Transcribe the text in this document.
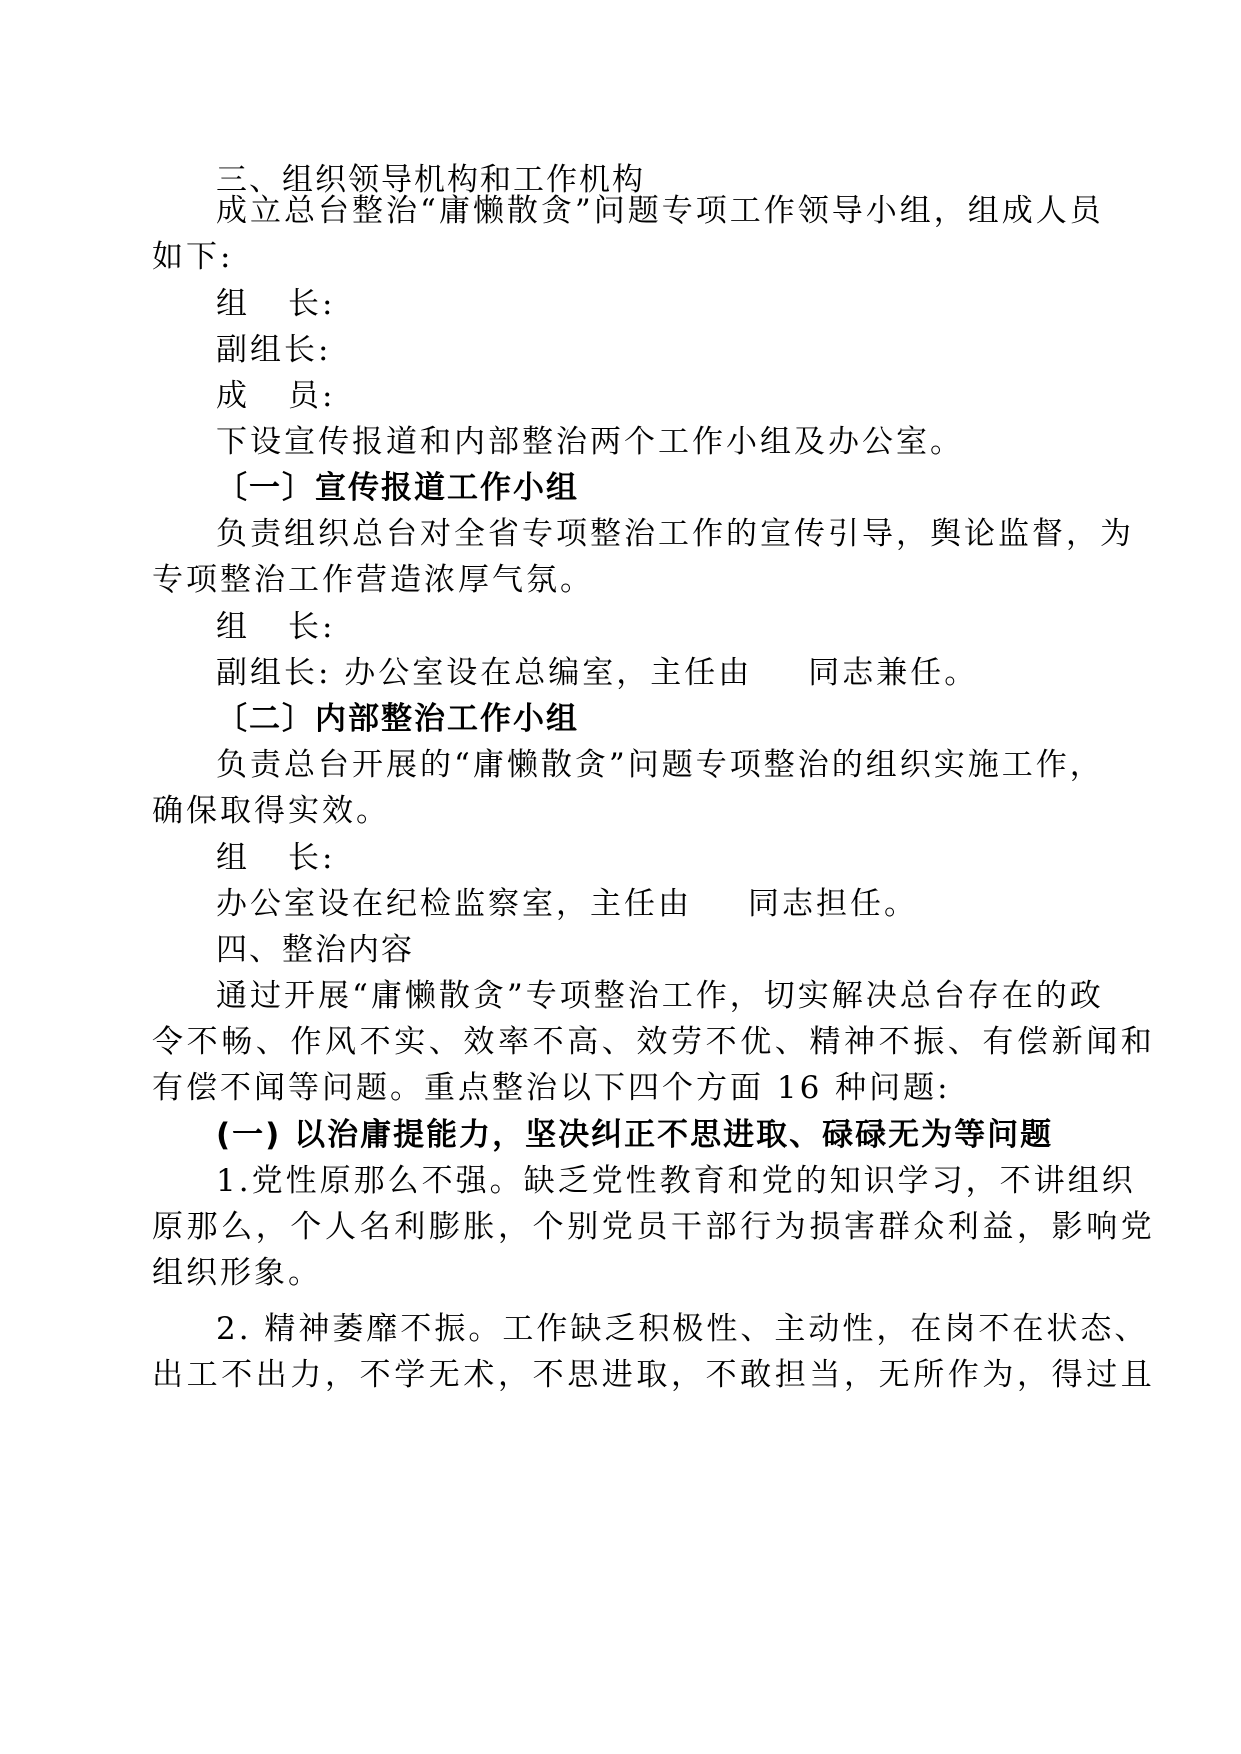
三、组织领导机构和工作机构
成立总台整治“庸懒散贪”问题专项工作领导小组，组成人员
如下:
组 长:
副组长:
成 员:
下设宣传报道和内部整治两个工作小组及办公室。
〔一〕宣传报道工作小组
负责组织总台对全省专项整治工作的宣传引导，舆论监督，为
专项整治工作营造浓厚气氛。
组 长:
副组长: 办公室设在总编室，主任由 同志兼任。
〔二〕内部整治工作小组
负责总台开展的“庸懒散贪”问题专项整治的组织实施工作，
确保取得实效。
组 长:
办公室设在纪检监察室，主任由 同志担任。
四、整治内容
通过开展“庸懒散贪”专项整治工作，切实解决总台存在的政
令不畅、作风不实、效率不高、效劳不优、精神不振、有偿新闻和
有偿不闻等问题。重点整治以下四个方面 16 种问题:
(一) 以治庸提能力，坚决纠正不思进取、碌碌无为等问题
1.党性原那么不强。缺乏党性教育和党的知识学习，不讲组织
原那么，个人名利膨胀，个别党员干部行为损害群众利益，影响党
组织形象。
2. 精神萎靡不振。工作缺乏积极性、主动性，在岗不在状态、
出工不出力，不学无术，不思进取，不敢担当，无所作为，得过且
